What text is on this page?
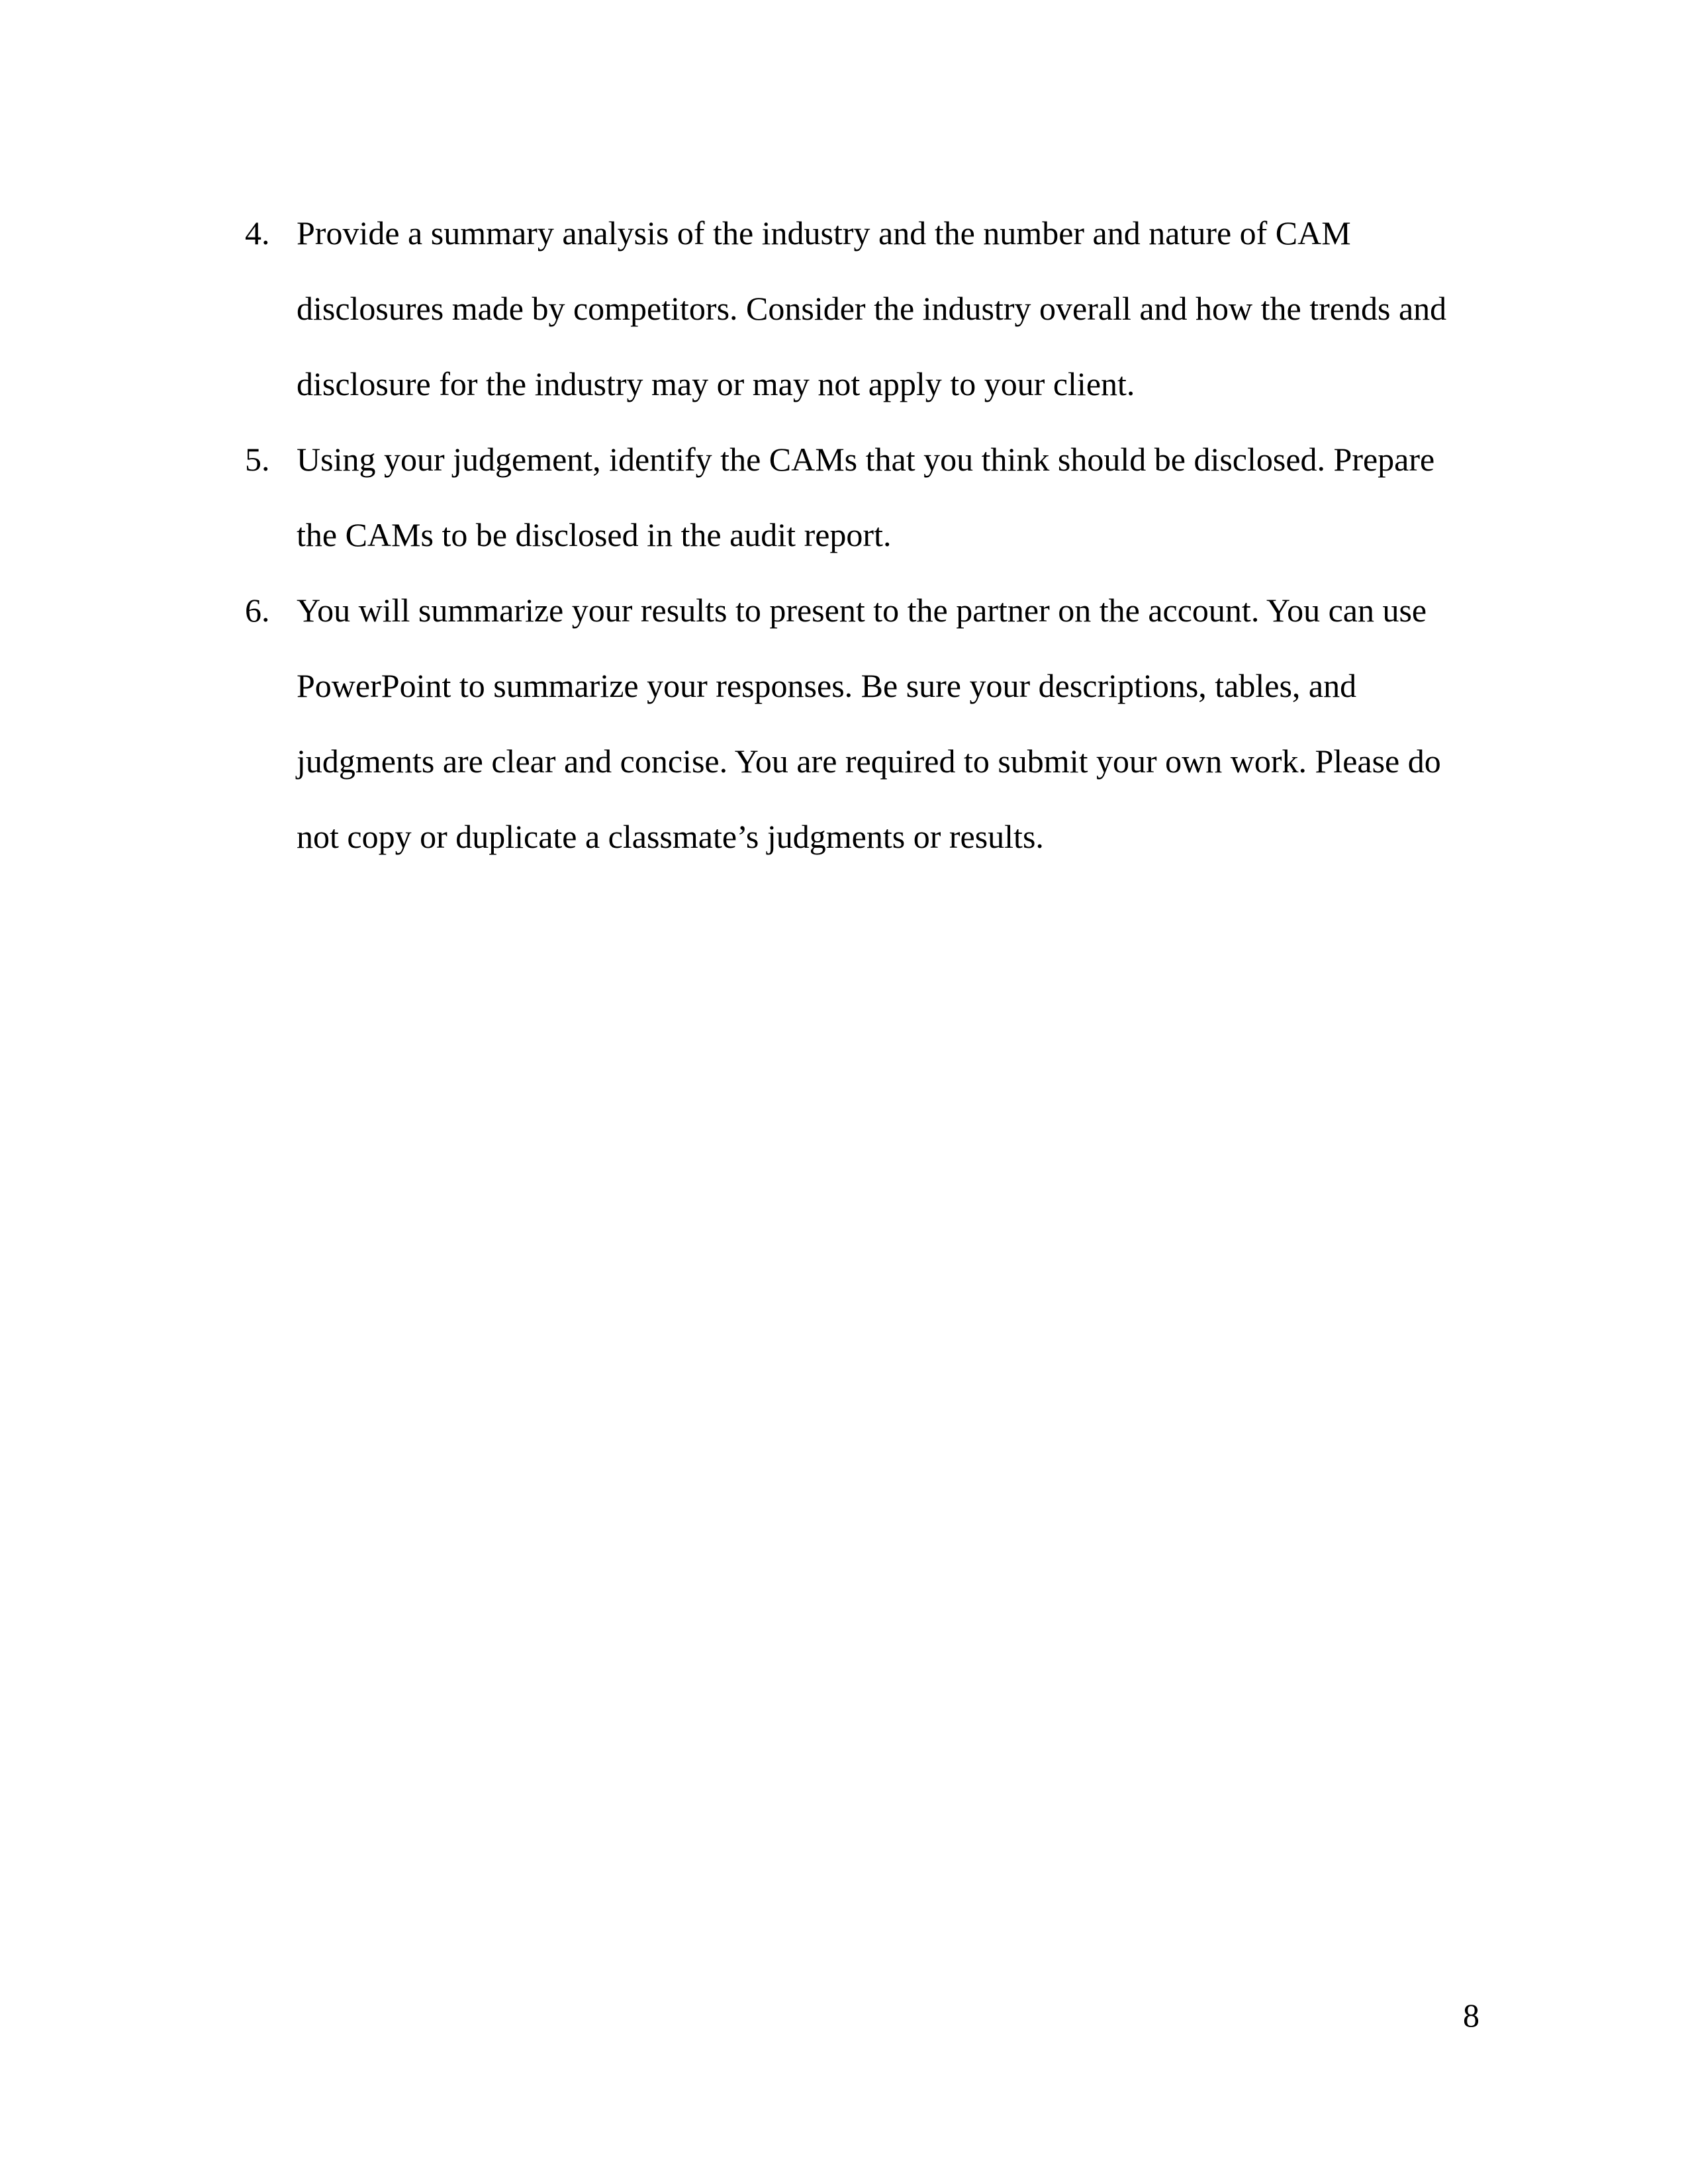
4. Provide a summary analysis of the industry and the number and nature of CAM
disclosures made by competitors. Consider the industry overall and how the trends and
disclosure for the industry may or may not apply to your client.
5. Using your judgement, identify the CAMs that you think should be disclosed. Prepare
the CAMs to be disclosed in the audit report.
6. You will summarize your results to present to the partner on the account. You can use
PowerPoint to summarize your responses. Be sure your descriptions, tables, and
judgments are clear and concise. You are required to submit your own work. Please do
not copy or duplicate a classmate’s judgments or results.
8
